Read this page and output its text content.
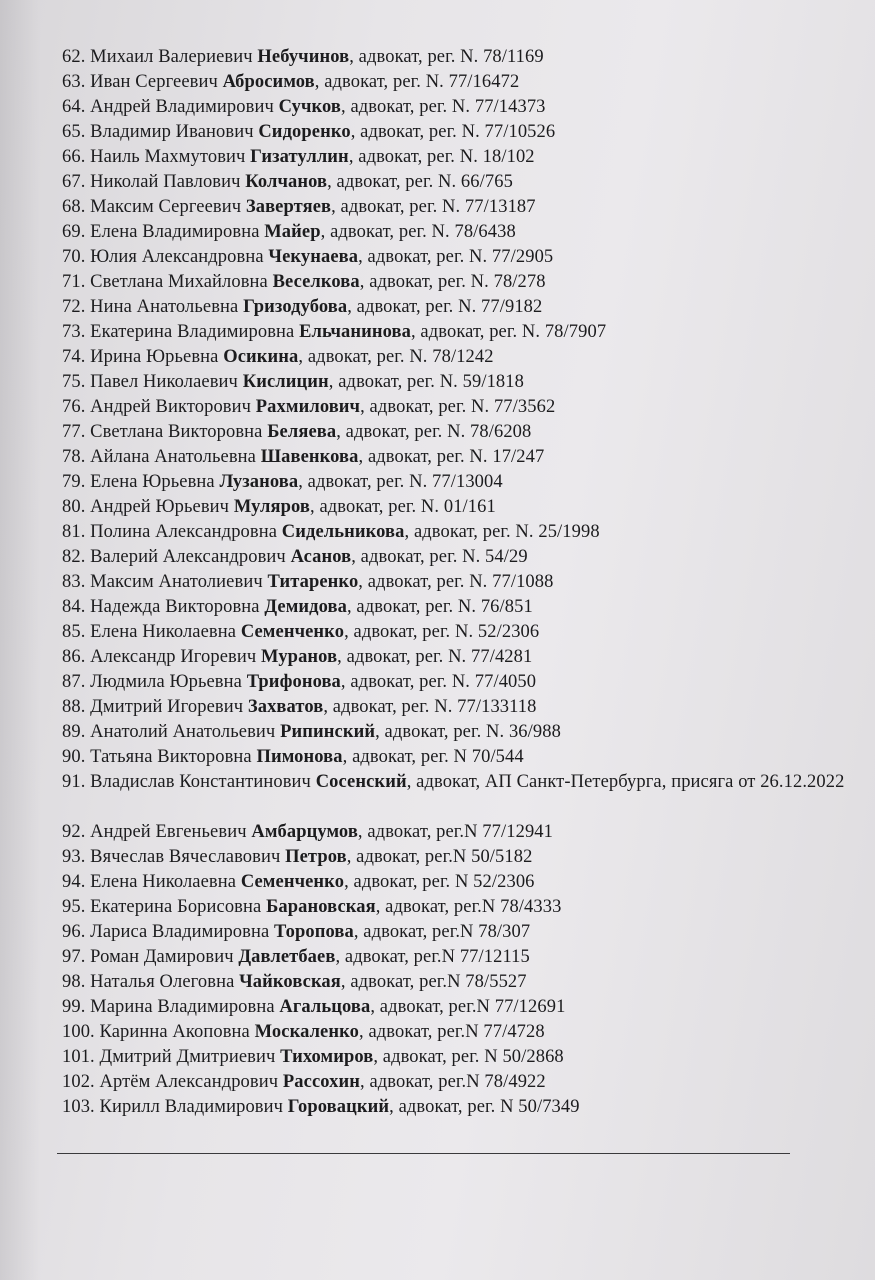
62. Михаил Валериевич Небучинов, адвокат, рег. N. 78/1169
63. Иван Сергеевич Абросимов, адвокат, рег. N. 77/16472
64. Андрей Владимирович Сучков, адвокат, рег. N. 77/14373
65. Владимир Иванович Сидоренко, адвокат, рег. N. 77/10526
66. Наиль Махмутович Гизатуллин, адвокат, рег. N. 18/102
67. Николай Павлович Колчанов, адвокат, рег. N. 66/765
68. Максим Сергеевич Завертяев, адвокат, рег. N. 77/13187
69. Елена Владимировна Майер, адвокат, рег. N. 78/6438
70. Юлия Александровна Чекунаева, адвокат, рег. N. 77/2905
71. Светлана Михайловна Веселкова, адвокат, рег. N. 78/278
72. Нина Анатольевна Гризодубова, адвокат, рег. N. 77/9182
73. Екатерина Владимировна Ельчанинова, адвокат, рег. N. 78/7907
74. Ирина Юрьевна Осикина, адвокат, рег. N. 78/1242
75. Павел Николаевич Кислицин, адвокат, рег. N. 59/1818
76. Андрей Викторович Рахмилович, адвокат, рег. N. 77/3562
77. Светлана Викторовна Беляева, адвокат, рег. N. 78/6208
78. Айлана Анатольевна Шавенкова, адвокат, рег. N. 17/247
79. Елена Юрьевна Лузанова, адвокат, рег. N. 77/13004
80. Андрей Юрьевич Муляров, адвокат, рег. N. 01/161
81. Полина Александровна Сидельникова, адвокат, рег. N. 25/1998
82. Валерий Александрович Асанов, адвокат, рег. N. 54/29
83. Максим Анатолиевич Титаренко, адвокат, рег. N. 77/1088
84. Надежда Викторовна Демидова, адвокат, рег. N. 76/851
85. Елена Николаевна Семенченко, адвокат, рег. N. 52/2306
86. Александр Игоревич Муранов, адвокат, рег. N. 77/4281
87. Людмила Юрьевна Трифонова, адвокат, рег. N. 77/4050
88. Дмитрий Игоревич Захватов, адвокат, рег. N. 77/133118
89. Анатолий Анатольевич Рипинский, адвокат, рег. N. 36/988
90. Татьяна Викторовна Пимонова, адвокат, рег. N 70/544
91. Владислав Константинович Сосенский, адвокат, АП Санкт-Петербурга, присяга от 26.12.2022
92. Андрей Евгеньевич Амбарцумов, адвокат, рег.N 77/12941
93. Вячеслав Вячеславович Петров, адвокат, рег.N 50/5182
94. Елена Николаевна Семенченко, адвокат, рег. N 52/2306
95. Екатерина Борисовна Барановская, адвокат, рег.N 78/4333
96. Лариса Владимировна Торопова, адвокат, рег.N 78/307
97. Роман Дамирович Давлетбаев, адвокат, рег.N 77/12115
98. Наталья Олеговна Чайковская, адвокат, рег.N 78/5527
99. Марина Владимировна Агальцова, адвокат, рег.N 77/12691
100. Каринна Акоповна Москаленко, адвокат, рег.N 77/4728
101. Дмитрий Дмитриевич Тихомиров, адвокат, рег. N 50/2868
102. Артём Александрович Рассохин, адвокат, рег.N 78/4922
103. Кирилл Владимирович Горовацкий, адвокат, рег. N 50/7349
